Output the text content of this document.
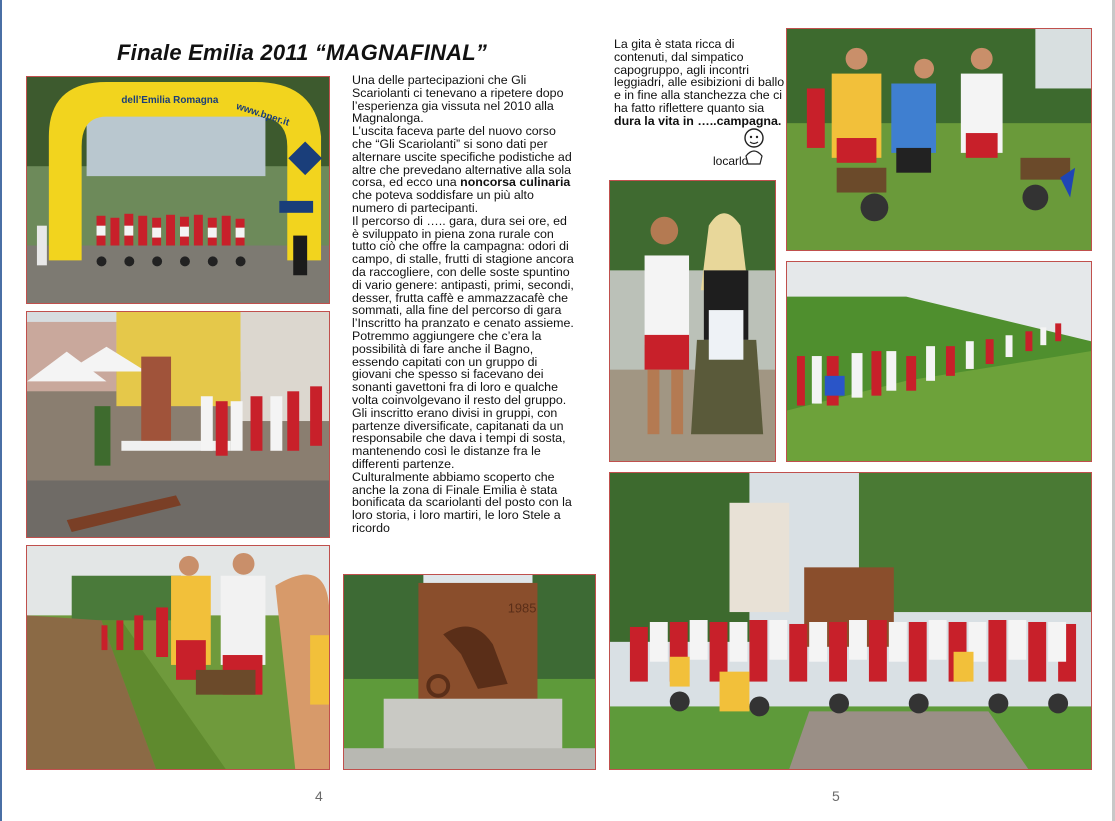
Finale Emilia 2011 “MAGNAFINAL”
dell’Emilia Romagna
www.bper.it

Una delle partecipazioni che Gli Scariolanti ci tenevano a ripetere dopo l’esperienza gia vissuta nel 2010 alla Magnalonga.

L’uscita faceva parte del nuovo corso che “Gli Scariolanti” si sono dati per alternare uscite specifiche podistiche ad altre che prevedano alternative alla sola corsa, ed ecco una noncorsa culinaria che poteva soddisfare un più alto numero di partecipanti.

Il percorso di ….. gara, dura sei ore, ed è sviluppato in piena zona rurale con tutto ciò che offre la campagna: odori di campo, di stalle, frutti di stagione ancora da raccogliere, con delle soste spuntino di vario genere: antipasti, primi, secondi, desser, frutta caffè e ammazzacafè che sommati, alla fine del percorso di gara l’Inscritto ha pranzato e cenato assieme.

Potremmo aggiungere che c’era la possibilità di fare anche il Bagno, essendo capitati con un gruppo di giovani che spesso si facevano dei sonanti gavettoni fra di loro e qualche volta coinvolgevano il resto del gruppo.

Gli inscritto erano divisi in gruppi, con partenze diversificate, capitanati da un responsabile che dava i tempi di sosta, mantenendo così le distanze fra le differenti partenze.

Culturalmente abbiamo scoperto che anche la zona di Finale Emilia è stata bonificata da scariolanti del posto con la loro storia, i loro martiri, le loro Stele a ricordo

1985

La gita è stata ricca di contenuti, dal simpatico capogruppo, agli incontri leggiadri, alle esibizioni di ballo e in fine alla stanchezza che ci ha fatto riflettere quanto sia dura la vita in …..campagna.

locarlo
4	5
